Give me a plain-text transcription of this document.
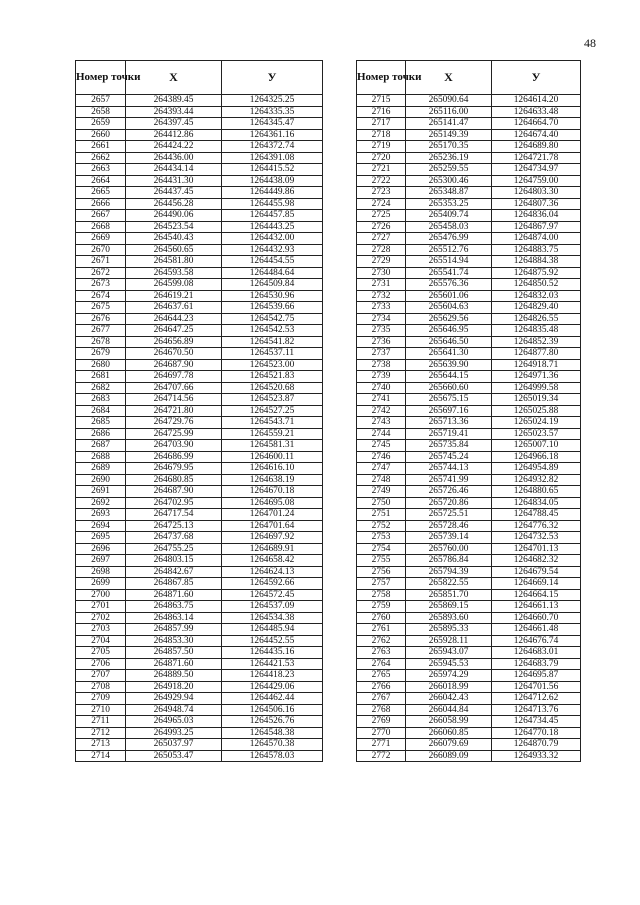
48
Номер точки	Х	У
2657	264389.45	1264325.25
2658	264393.44	1264335.35
2659	264397.45	1264345.47
2660	264412.86	1264361.16
2661	264424.22	1264372.74
2662	264436.00	1264391.08
2663	264434.14	1264415.52
2664	264431.30	1264438.09
2665	264437.45	1264449.86
2666	264456.28	1264455.98
2667	264490.06	1264457.85
2668	264523.54	1264443.25
2669	264540.43	1264432.00
2670	264560.65	1264432.93
2671	264581.80	1264454.55
2672	264593.58	1264484.64
2673	264599.08	1264509.84
2674	264619.21	1264530.96
2675	264637.61	1264539.66
2676	264644.23	1264542.75
2677	264647.25	1264542.53
2678	264656.89	1264541.82
2679	264670.50	1264537.11
2680	264687.90	1264523.00
2681	264697.78	1264521.83
2682	264707.66	1264520.68
2683	264714.56	1264523.87
2684	264721.80	1264527.25
2685	264729.76	1264543.71
2686	264725.99	1264559.21
2687	264703.90	1264581.31
2688	264686.99	1264600.11
2689	264679.95	1264616.10
2690	264680.85	1264638.19
2691	264687.90	1264670.18
2692	264702.95	1264695.08
2693	264717.54	1264701.24
2694	264725.13	1264701.64
2695	264737.68	1264697.92
2696	264755.25	1264689.91
2697	264803.15	1264658.42
2698	264842.67	1264624.13
2699	264867.85	1264592.66
2700	264871.60	1264572.45
2701	264863.75	1264537.09
2702	264863.14	1264534.38
2703	264857.99	1264485.94
2704	264853.30	1264452.55
2705	264857.50	1264435.16
2706	264871.60	1264421.53
2707	264889.50	1264418.23
2708	264918.20	1264429.06
2709	264929.94	1264462.44
2710	264948.74	1264506.16
2711	264965.03	1264526.76
2712	264993.25	1264548.38
2713	265037.97	1264570.38
2714	265053.47	1264578.03
Номер точки	Х	У
2715	265090.64	1264614.20
2716	265116.00	1264633.48
2717	265141.47	1264664.70
2718	265149.39	1264674.40
2719	265170.35	1264689.80
2720	265236.19	1264721.78
2721	265259.55	1264734.97
2722	265300.46	1264759.00
2723	265348.87	1264803.30
2724	265353.25	1264807.36
2725	265409.74	1264836.04
2726	265458.03	1264867.97
2727	265476.99	1264874.00
2728	265512.76	1264883.75
2729	265514.94	1264884.38
2730	265541.74	1264875.92
2731	265576.36	1264850.52
2732	265601.06	1264832.03
2733	265604.63	1264829.40
2734	265629.56	1264826.55
2735	265646.95	1264835.48
2736	265646.50	1264852.39
2737	265641.30	1264877.80
2738	265639.90	1264918.71
2739	265644.15	1264971.36
2740	265660.60	1264999.58
2741	265675.15	1265019.34
2742	265697.16	1265025.88
2743	265713.36	1265024.19
2744	265719.41	1265023.57
2745	265735.84	1265007.10
2746	265745.24	1264966.18
2747	265744.13	1264954.89
2748	265741.99	1264932.82
2749	265726.46	1264880.65
2750	265720.86	1264834.05
2751	265725.51	1264788.45
2752	265728.46	1264776.32
2753	265739.14	1264732.53
2754	265760.00	1264701.13
2755	265786.84	1264682.32
2756	265794.39	1264679.54
2757	265822.55	1264669.14
2758	265851.70	1264664.15
2759	265869.15	1264661.13
2760	265893.60	1264660.70
2761	265895.33	1264661.48
2762	265928.11	1264676.74
2763	265943.07	1264683.01
2764	265945.53	1264683.79
2765	265974.29	1264695.87
2766	266018.99	1264701.56
2767	266042.43	1264712.62
2768	266044.84	1264713.76
2769	266058.99	1264734.45
2770	266060.85	1264770.18
2771	266079.69	1264870.79
2772	266089.09	1264933.32
